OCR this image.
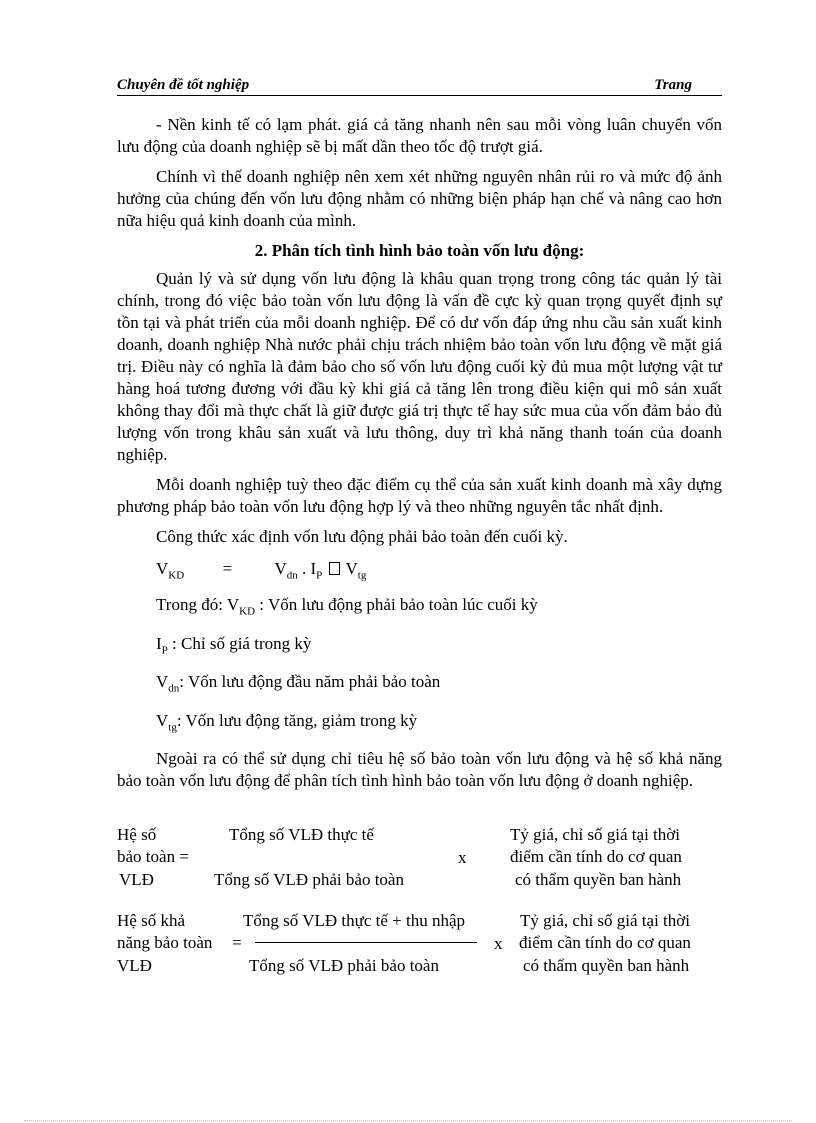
Chuyên đề tốt nghiệp	Trang

- Nền kinh tế có lạm phát. giá cả tăng nhanh nên sau mỗi vòng luân chuyển vốn lưu động của doanh nghiệp sẽ bị mất dần theo tốc độ trượt giá.

Chính vì thế doanh nghiệp nên xem xét những nguyên nhân rủi ro và mức độ ảnh hưởng của chúng đến vốn lưu động nhằm có những biện pháp hạn chế và nâng cao hơn nữa hiệu quả kinh doanh của mình.

2. Phân tích tình hình bảo toàn vốn lưu động:

Quản lý và sử dụng vốn lưu động là khâu quan trọng trong công tác quản lý tài chính, trong đó việc bảo toàn vốn lưu động là vấn đề cực kỳ quan trọng quyết định sự tồn tại và phát triển của mỗi doanh nghiệp. Để có dư vốn đáp ứng nhu cầu sản xuất kinh doanh, doanh nghiệp Nhà nước phải chịu trách nhiệm bảo toàn vốn lưu động về mặt giá trị. Điều này có nghĩa là đảm bảo cho số vốn lưu động cuối kỳ đủ mua một lượng vật tư hàng hoá tương đương với đầu kỳ khi giá cả tăng lên trong điều kiện qui mô sản xuất không thay đổi mà thực chất là giữ được giá trị thực tế hay sức mua của vốn đảm bảo đủ lượng vốn trong khâu sản xuất và lưu thông, duy trì khả năng thanh toán của doanh nghiệp.

Mỗi doanh nghiệp tuỳ theo đặc điểm cụ thể của sản xuất kinh doanh mà xây dựng phương pháp bảo toàn vốn lưu động hợp lý và theo những nguyên tắc nhất định.

Công thức xác định vốn lưu động phải bảo toàn đến cuối kỳ.

$V_{KD} = V_{dn}$ . $I_P$ $V_{tg}$

Trong đó: $V_{KD}$ : Vốn lưu động phải bảo toàn lúc cuối kỳ

$I_P$ : Chỉ số giá trong kỳ

$V_{dn}$: Vốn lưu động đầu năm phải bảo toàn

$V_{tg}$: Vốn lưu động tăng, giảm trong kỳ

Ngoài ra có thể sử dụng chỉ tiêu hệ số bảo toàn vốn lưu động và hệ số khả năng bảo toàn vốn lưu động để phân tích tình hình bảo toàn vốn lưu động ở doanh nghiệp.

Hệ số
bảo toàn =
VLĐ
Tổng số VLĐ thực tế
Tổng số VLĐ phải bảo toàn
x
Tỷ giá, chỉ số giá tại thời
điểm cần tính do cơ quan
có thẩm quyền ban hành
Hệ số khả
năng bảo toàn =
VLĐ
Tổng số VLĐ thực tế + thu nhập
Tổng số VLĐ phải bảo toàn
x
Tỷ giá, chỉ số giá tại thời
điểm cần tính do cơ quan
có thẩm quyền ban hành
